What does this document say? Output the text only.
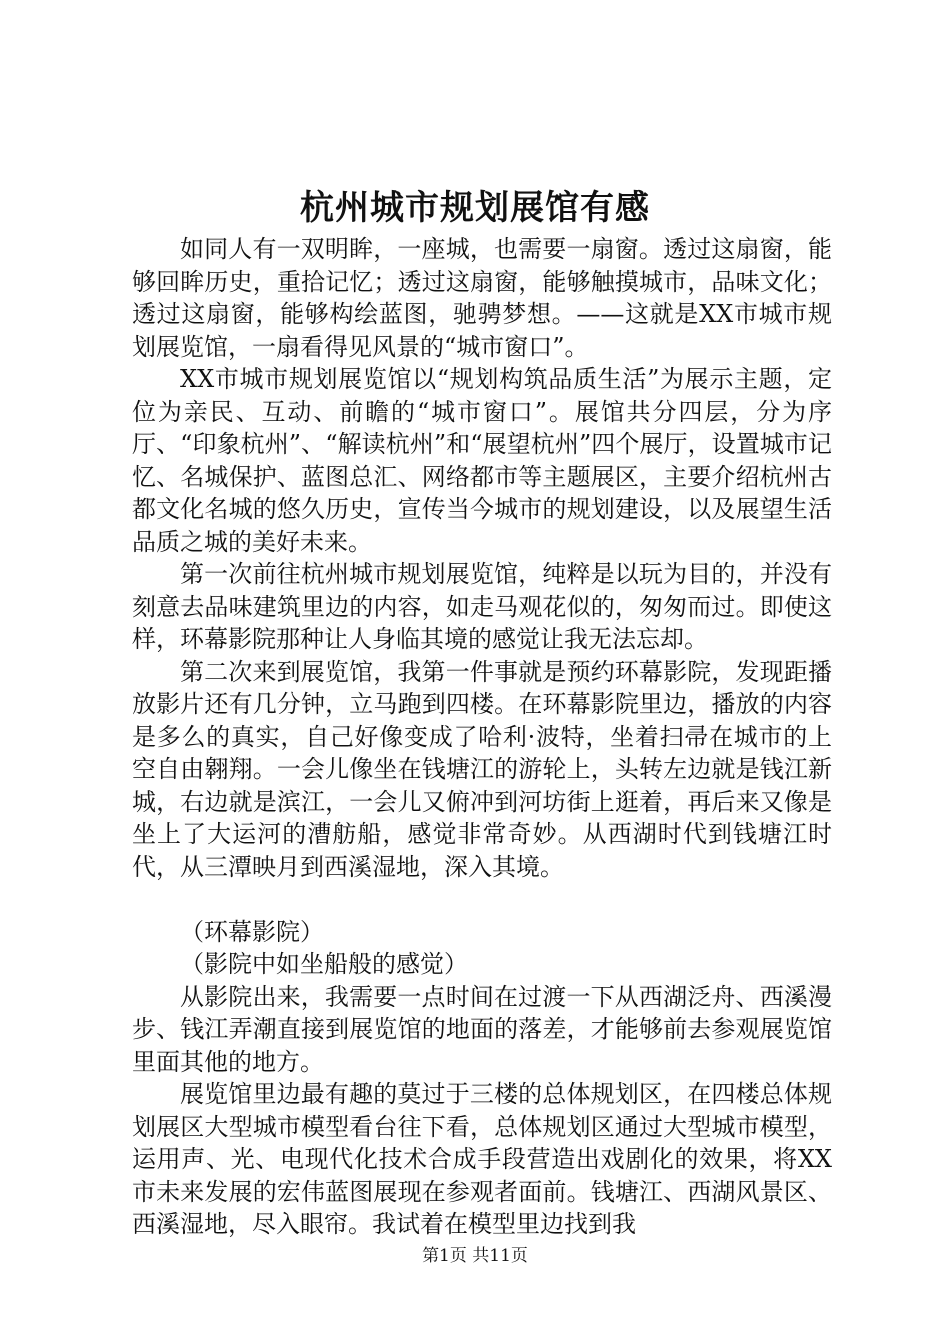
杭州城市规划展馆有感

如同人有一双明眸，一座城，也需要一扇窗。透过这扇窗，能够回眸历史，重拾记忆；透过这扇窗，能够触摸城市，品味文化；透过这扇窗，能够构绘蓝图，驰骋梦想。——这就是XX市城市规划展览馆，一扇看得见风景的“城市窗口”。

XX市城市规划展览馆以“规划构筑品质生活”为展示主题，定位为亲民、互动、前瞻的“城市窗口”。展馆共分四层，分为序厅、“印象杭州”、“解读杭州”和“展望杭州”四个展厅，设置城市记忆、名城保护、蓝图总汇、网络都市等主题展区，主要介绍杭州古都文化名城的悠久历史，宣传当今城市的规划建设，以及展望生活品质之城的美好未来。

第一次前往杭州城市规划展览馆，纯粹是以玩为目的，并没有刻意去品味建筑里边的内容，如走马观花似的，匆匆而过。即使这样，环幕影院那种让人身临其境的感觉让我无法忘却。

第二次来到展览馆，我第一件事就是预约环幕影院，发现距播放影片还有几分钟，立马跑到四楼。在环幕影院里边，播放的内容是多么的真实，自己好像变成了哈利·波特，坐着扫帚在城市的上空自由翱翔。一会儿像坐在钱塘江的游轮上，头转左边就是钱江新城，右边就是滨江，一会儿又俯冲到河坊街上逛着，再后来又像是坐上了大运河的漕舫船，感觉非常奇妙。从西湖时代到钱塘江时代，从三潭映月到西溪湿地，深入其境。

（环幕影院）

（影院中如坐船般的感觉）

从影院出来，我需要一点时间在过渡一下从西湖泛舟、西溪漫步、钱江弄潮直接到展览馆的地面的落差，才能够前去参观展览馆里面其他的地方。

展览馆里边最有趣的莫过于三楼的总体规划区，在四楼总体规划展区大型城市模型看台往下看，总体规划区通过大型城市模型，运用声、光、电现代化技术合成手段营造出戏剧化的效果，将XX市未来发展的宏伟蓝图展现在参观者面前。钱塘江、西湖风景区、西溪湿地，尽入眼帘。我试着在模型里边找到我

第1页 共11页
